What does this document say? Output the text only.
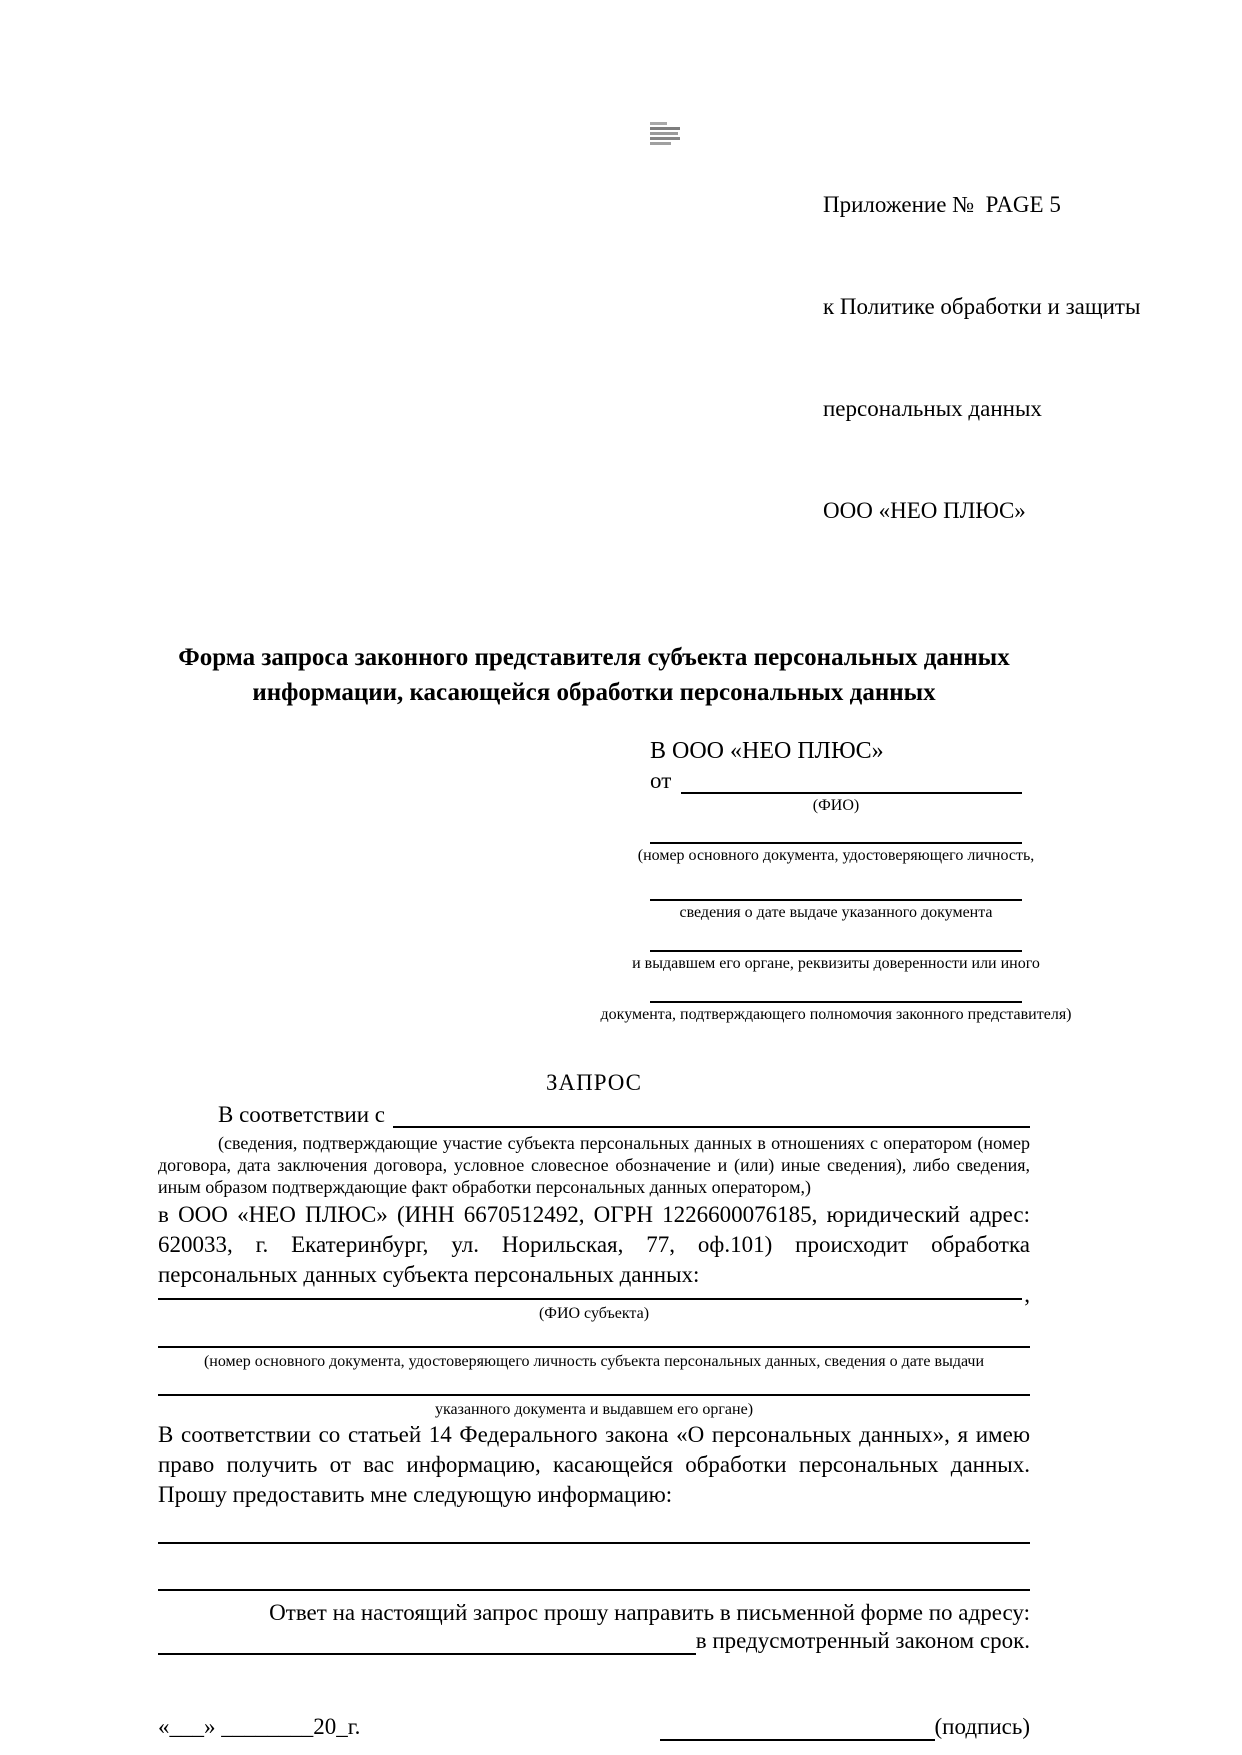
Приложение №  PAGE 5

к Политике обработки и защиты

персональных данных

ООО «НЕО ПЛЮС»

Форма запроса законного представителя субъекта персональных данных
информации, касающейся обработки персональных данных
В ООО «НЕО ПЛЮС»
от
(ФИО)
(номер основного документа, удостоверяющего личность,
сведения о дате выдаче указанного документа
и выдавшем его органе, реквизиты доверенности или иного
документа, подтверждающего полномочия законного представителя)
ЗАПРОС
В соответствии с
(сведения, подтверждающие участие субъекта персональных данных в отношениях с оператором (номер договора, дата заключения договора, условное словесное обозначение и (или) иные сведения), либо сведения, иным образом подтверждающие факт обработки персональных данных оператором,)
в ООО «НЕО ПЛЮС» (ИНН 6670512492, ОГРН 1226600076185, юридический адрес: 620033, г. Екатеринбург, ул. Норильская, 77, оф.101) происходит обработка персональных данных субъекта персональных данных:
,
(ФИО субъекта)
(номер основного документа, удостоверяющего личность субъекта персональных данных, сведения о дате выдачи
указанного документа и выдавшем его органе)
В соответствии со статьей 14 Федерального закона «О персональных данных», я имею право получить от вас информацию, касающейся обработки персональных данных. Прошу предоставить мне следующую информацию:
Ответ на настоящий запрос прошу направить в письменной форме по адресу:
в предусмотренный законом срок.
«___» ________20_г.	(подпись)
